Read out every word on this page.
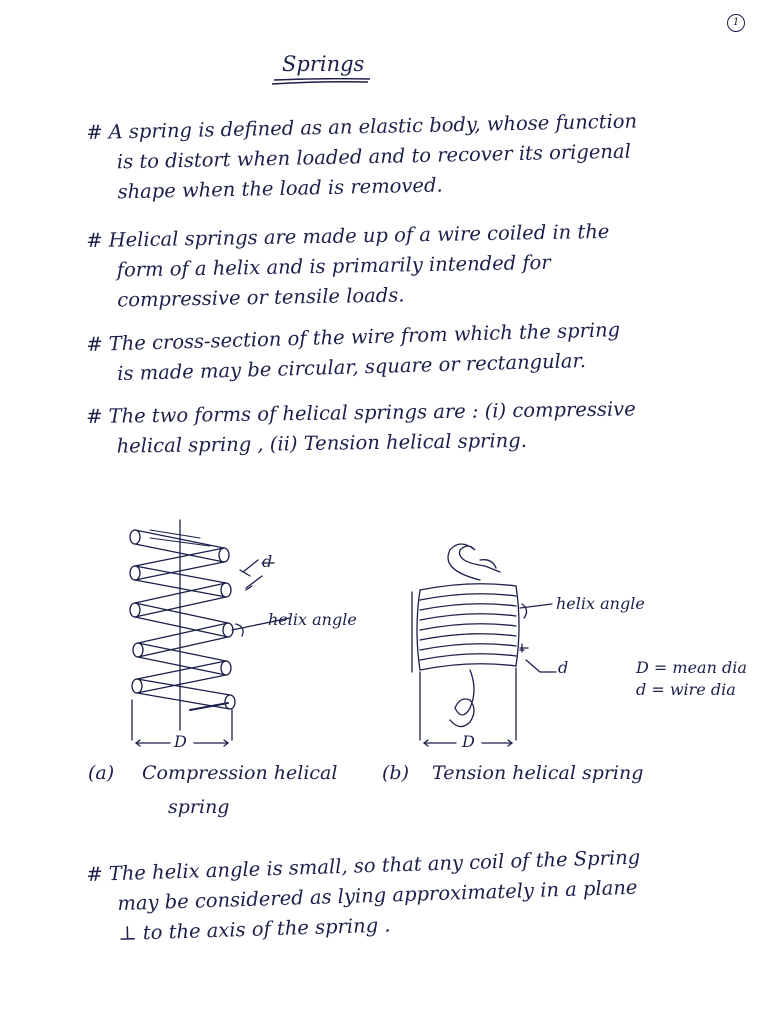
1
Springs

# A spring is defined as an elastic body, whose function
is to distort when loaded and to recover its origenal
shape when the load is removed.

# Helical springs are made up of a wire coiled in the
form of a helix and is primarily intended for
compressive or tensile loads.

# The cross-section of the wire from which the spring
is made may be circular, square or rectangular.

# The two forms of helical springs are : (i) compressive
helical spring , (ii) Tension helical spring.

d
helix angle
D
helix angle
d
D
D = mean dia
d = wire dia
(a) Compression helical
spring
(b) Tension helical spring

# The helix angle is small, so that any coil of the Spring
may be considered as lying approximately in a plane
⊥ to the axis of the spring .
